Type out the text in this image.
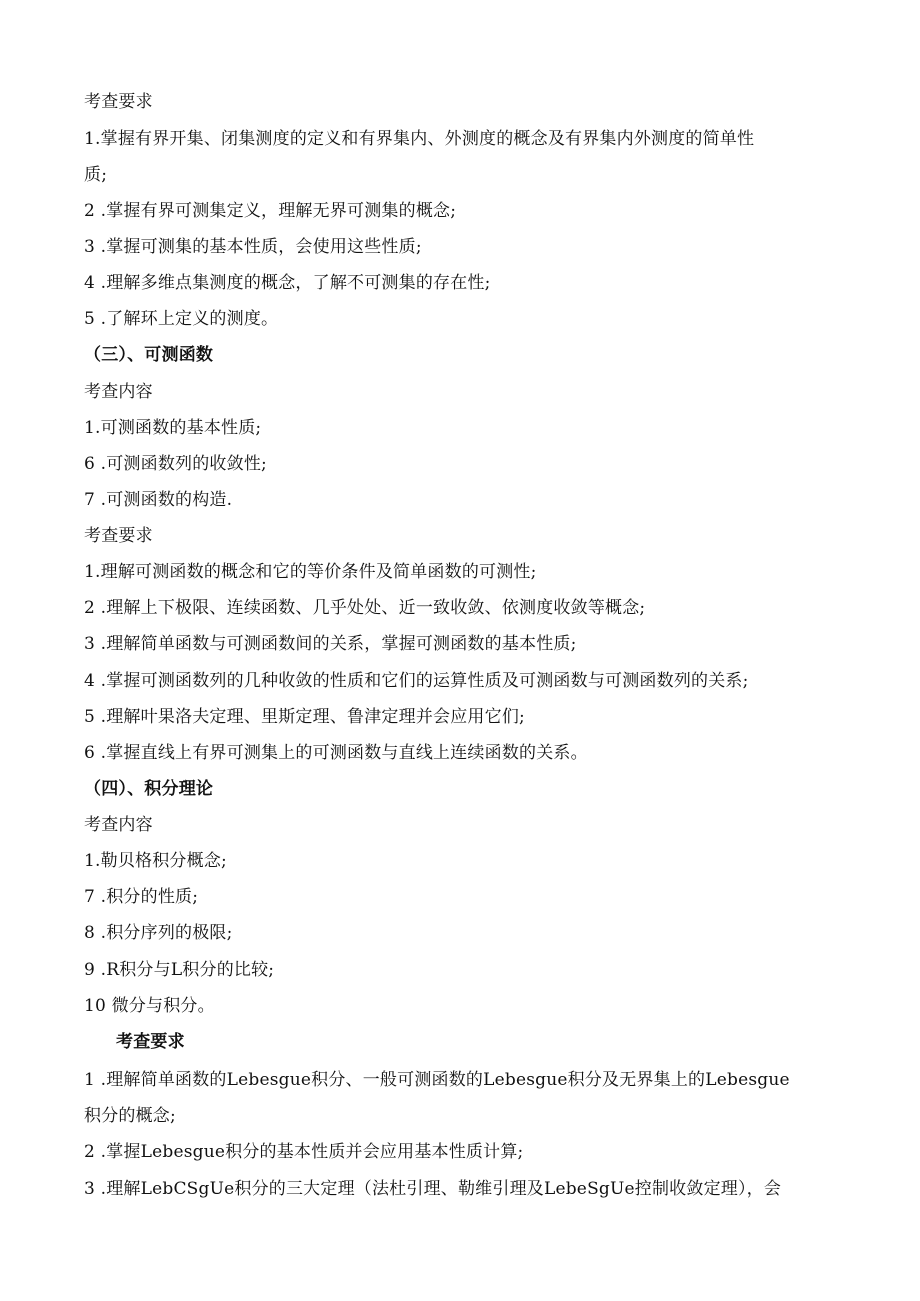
考查要求
1.掌握有界开集、闭集测度的定义和有界集内、外测度的概念及有界集内外测度的简单性
质;
2 .掌握有界可测集定义，理解无界可测集的概念;
3 .掌握可测集的基本性质，会使用这些性质;
4 .理解多维点集测度的概念，了解不可测集的存在性;
5 .了解环上定义的测度。
（三）、可测函数
考查内容
1.可测函数的基本性质;
6 .可测函数列的收敛性;
7 .可测函数的构造.
考查要求
1.理解可测函数的概念和它的等价条件及简单函数的可测性;
2 .理解上下极限、连续函数、几乎处处、近一致收敛、依测度收敛等概念;
3 .理解简单函数与可测函数间的关系，掌握可测函数的基本性质;
4 .掌握可测函数列的几种收敛的性质和它们的运算性质及可测函数与可测函数列的关系;
5 .理解叶果洛夫定理、里斯定理、鲁津定理并会应用它们;
6 .掌握直线上有界可测集上的可测函数与直线上连续函数的关系。
（四）、积分理论
考查内容
1.勒贝格积分概念;
7 .积分的性质;
8 .积分序列的极限;
9 .R积分与L积分的比较;
10 微分与积分。
考查要求
1 .理解简单函数的Lebesgue积分、一般可测函数的Lebesgue积分及无界集上的Lebesgue
积分的概念;
2 .掌握Lebesgue积分的基本性质并会应用基本性质计算;
3 .理解LebCSgUe积分的三大定理（法杜引理、勒维引理及LebeSgUe控制收敛定理），会
